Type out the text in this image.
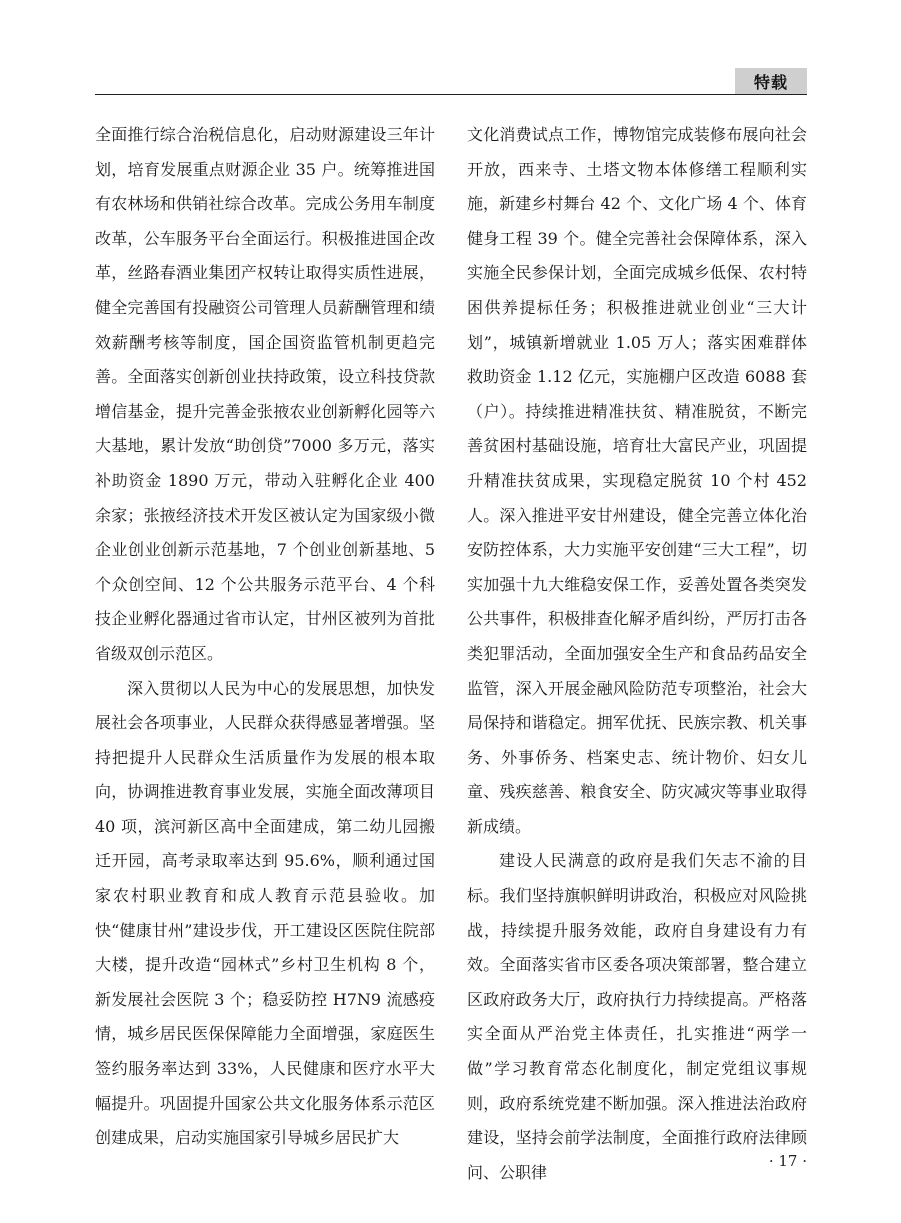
特载

全面推行综合治税信息化，启动财源建设三年计划，培育发展重点财源企业 35 户。统筹推进国有农林场和供销社综合改革。完成公务用车制度改革，公车服务平台全面运行。积极推进国企改革，丝路春酒业集团产权转让取得实质性进展，健全完善国有投融资公司管理人员薪酬管理和绩效薪酬考核等制度，国企国资监管机制更趋完善。全面落实创新创业扶持政策，设立科技贷款增信基金，提升完善金张掖农业创新孵化园等六大基地，累计发放“助创贷”7000 多万元，落实补助资金 1890 万元，带动入驻孵化企业 400 余家；张掖经济技术开发区被认定为国家级小微企业创业创新示范基地，7 个创业创新基地、5 个众创空间、12 个公共服务示范平台、4 个科技企业孵化器通过省市认定，甘州区被列为首批省级双创示范区。

深入贯彻以人民为中心的发展思想，加快发展社会各项事业，人民群众获得感显著增强。坚持把提升人民群众生活质量作为发展的根本取向，协调推进教育事业发展，实施全面改薄项目 40 项，滨河新区高中全面建成，第二幼儿园搬迁开园，高考录取率达到 95.6%，顺利通过国家农村职业教育和成人教育示范县验收。加快“健康甘州”建设步伐，开工建设区医院住院部大楼，提升改造“园林式”乡村卫生机构 8 个，新发展社会医院 3 个；稳妥防控 H7N9 流感疫情，城乡居民医保保障能力全面增强，家庭医生签约服务率达到 33%，人民健康和医疗水平大幅提升。巩固提升国家公共文化服务体系示范区创建成果，启动实施国家引导城乡居民扩大

文化消费试点工作，博物馆完成装修布展向社会开放，西来寺、土塔文物本体修缮工程顺利实施，新建乡村舞台 42 个、文化广场 4 个、体育健身工程 39 个。健全完善社会保障体系，深入实施全民参保计划，全面完成城乡低保、农村特困供养提标任务；积极推进就业创业“三大计划”，城镇新增就业 1.05 万人；落实困难群体救助资金 1.12 亿元，实施棚户区改造 6088 套（户）。持续推进精准扶贫、精准脱贫，不断完善贫困村基础设施，培育壮大富民产业，巩固提升精准扶贫成果，实现稳定脱贫 10 个村 452 人。深入推进平安甘州建设，健全完善立体化治安防控体系，大力实施平安创建“三大工程”，切实加强十九大维稳安保工作，妥善处置各类突发公共事件，积极排查化解矛盾纠纷，严厉打击各类犯罪活动，全面加强安全生产和食品药品安全监管，深入开展金融风险防范专项整治，社会大局保持和谐稳定。拥军优抚、民族宗教、机关事务、外事侨务、档案史志、统计物价、妇女儿童、残疾慈善、粮食安全、防灾减灾等事业取得新成绩。

建设人民满意的政府是我们矢志不渝的目标。我们坚持旗帜鲜明讲政治，积极应对风险挑战，持续提升服务效能，政府自身建设有力有效。全面落实省市区委各项决策部署，整合建立区政府政务大厅，政府执行力持续提高。严格落实全面从严治党主体责任，扎实推进“两学一做”学习教育常态化制度化，制定党组议事规则，政府系统党建不断加强。深入推进法治政府建设，坚持会前学法制度，全面推行政府法律顾问、公职律

· 17 ·
